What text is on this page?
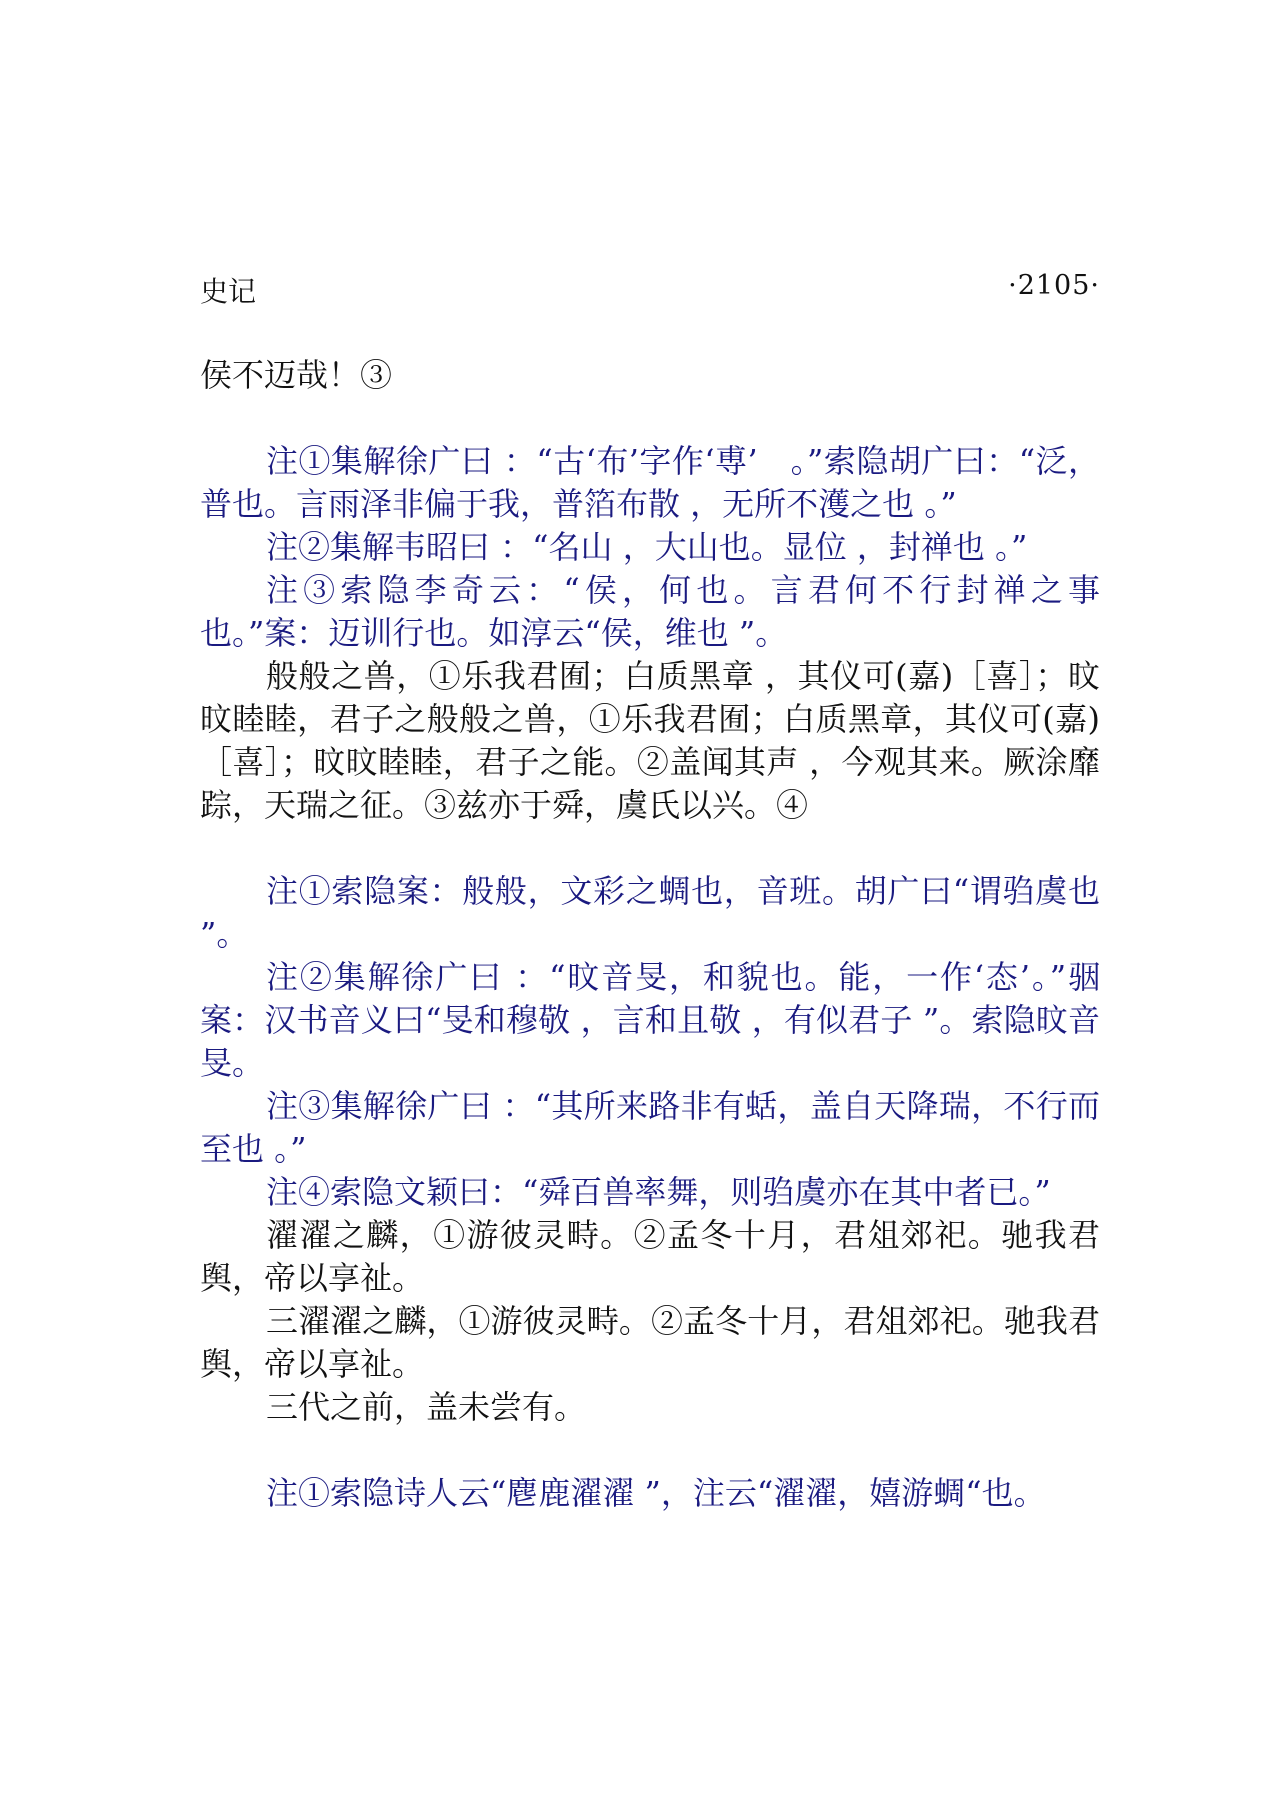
史记	·2105·

侯不迈哉！③

注①集解徐广曰 ：“古‘布’字作‘尃’　。”索隐胡广曰：“泛，普也。言雨泽非偏于我，普箔布散 ，无所不濩之也 。”

注②集解韦昭曰 ：“名山 ，大山也。显位 ，封禅也 。”

注③索隐李奇云：“侯，何也。言君何不行封禅之事也。”案：迈训行也。如淳云“侯，维也 ”。

般般之兽，①乐我君囿；白质黑章 ，其仪可(嘉)［喜］；旼旼睦睦，君子之般般之兽，①乐我君囿；白质黑章，其仪可(嘉)［喜］；旼旼睦睦，君子之能。②盖闻其声 ，今观其来。厥涂靡踪，天瑞之征。③兹亦于舜，虞氏以兴。④

注①索隐案：般般，文彩之蜩也，音班。胡广曰“谓驺虞也 ”。

注②集解徐广曰 ：“旼音旻，和貌也。能，一作‘态’。”骃案：汉书音义曰“旻和穆敬 ，言和且敬 ，有似君子 ”。索隐旼音旻。

注③集解徐广曰 ：“其所来路非有蛞，盖自天降瑞，不行而至也 。”

注④索隐文颖曰：“舜百兽率舞，则驺虞亦在其中者已。”

濯濯之麟，①游彼灵畤。②孟冬十月，君俎郊祀。驰我君舆，帝以享祉。

三濯濯之麟，①游彼灵畤。②孟冬十月，君俎郊祀。驰我君舆，帝以享祉。

三代之前，盖未尝有。

注①索隐诗人云“麀鹿濯濯 ”，注云“濯濯，嬉游蜩“也。
